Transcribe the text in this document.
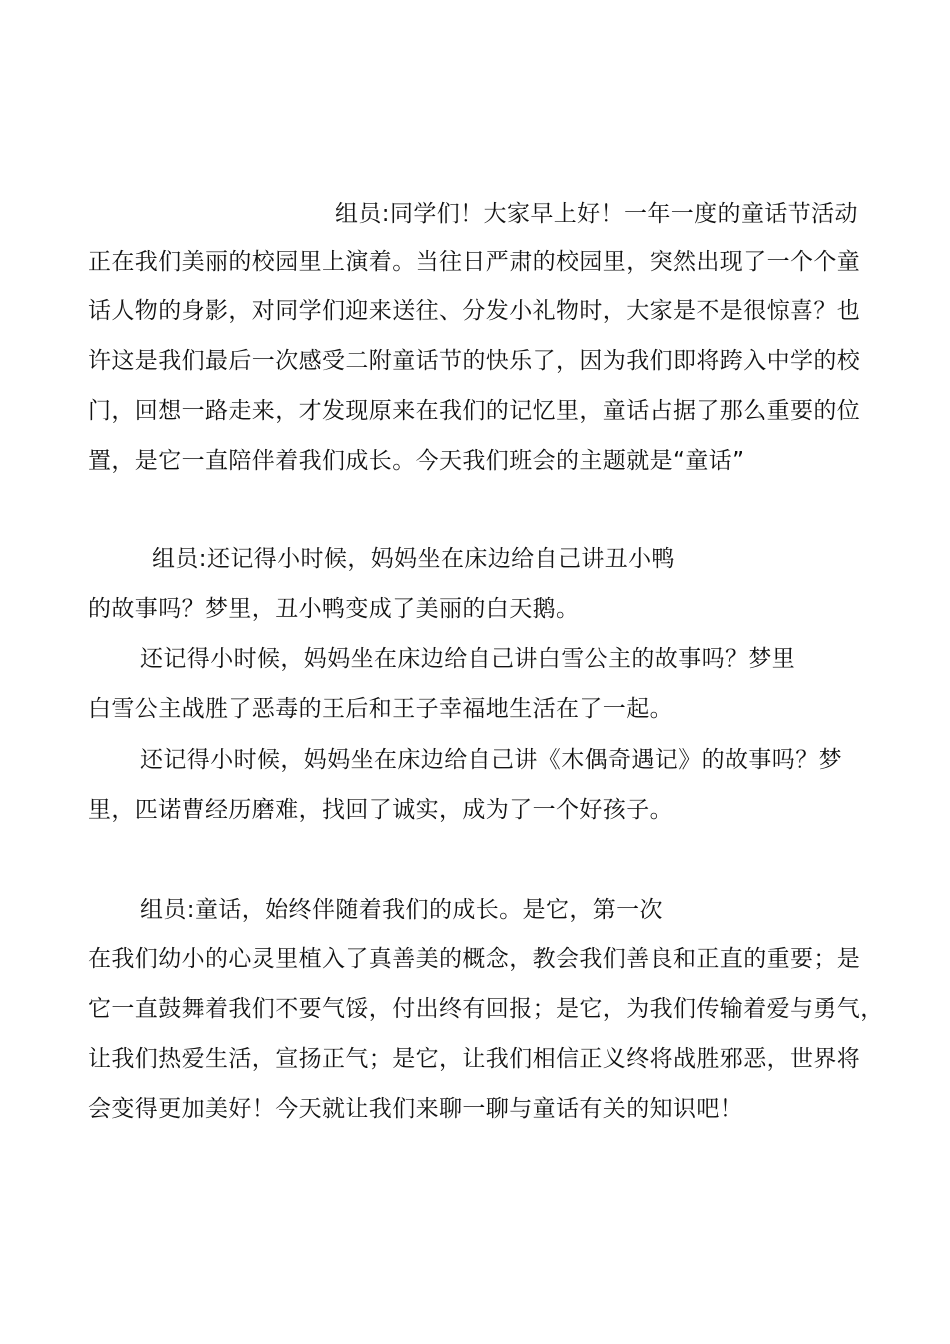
组员:同学们！大家早上好！一年一度的童话节活动
正在我们美丽的校园里上演着。当往日严肃的校园里，突然出现了一个个童
话人物的身影，对同学们迎来送往、分发小礼物时，大家是不是很惊喜？也
许这是我们最后一次感受二附童话节的快乐了，因为我们即将跨入中学的校
门，回想一路走来，才发现原来在我们的记忆里，童话占据了那么重要的位
置，是它一直陪伴着我们成长。今天我们班会的主题就是“童话”
组员:还记得小时候，妈妈坐在床边给自己讲丑小鸭
的故事吗？梦里，丑小鸭变成了美丽的白天鹅。
还记得小时候，妈妈坐在床边给自己讲白雪公主的故事吗？梦里
白雪公主战胜了恶毒的王后和王子幸福地生活在了一起。
还记得小时候，妈妈坐在床边给自己讲《木偶奇遇记》的故事吗？梦
里，匹诺曹经历磨难，找回了诚实，成为了一个好孩子。
组员:童话，始终伴随着我们的成长。是它，第一次
在我们幼小的心灵里植入了真善美的概念，教会我们善良和正直的重要；是
它一直鼓舞着我们不要气馁，付出终有回报；是它，为我们传输着爱与勇气，
让我们热爱生活，宣扬正气；是它，让我们相信正义终将战胜邪恶，世界将
会变得更加美好！今天就让我们来聊一聊与童话有关的知识吧！
